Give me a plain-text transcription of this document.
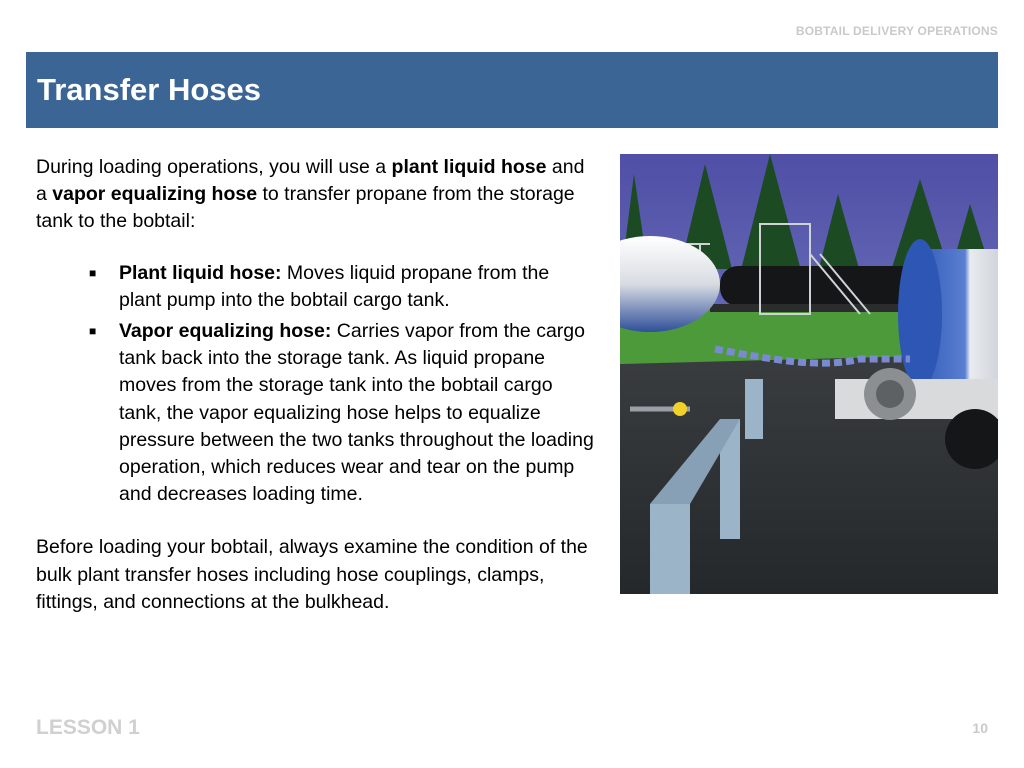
BOBTAIL DELIVERY OPERATIONS
Transfer Hoses

During loading operations, you will use a plant liquid hose and a vapor equalizing hose to transfer propane from the storage tank to the bobtail:

■ Plant liquid hose: Moves liquid propane from the plant pump into the bobtail cargo tank.
■ Vapor equalizing hose: Carries vapor from the cargo tank back into the storage tank. As liquid propane moves from the storage tank into the bobtail cargo tank, the vapor equalizing hose helps to equalize pressure between the two tanks throughout the loading operation, which reduces wear and tear on the pump and decreases loading time.

Before loading your bobtail, always examine the condition of the bulk plant transfer hoses including hose couplings, clamps, fittings, and connections at the bulkhead.

LESSON 1	10
